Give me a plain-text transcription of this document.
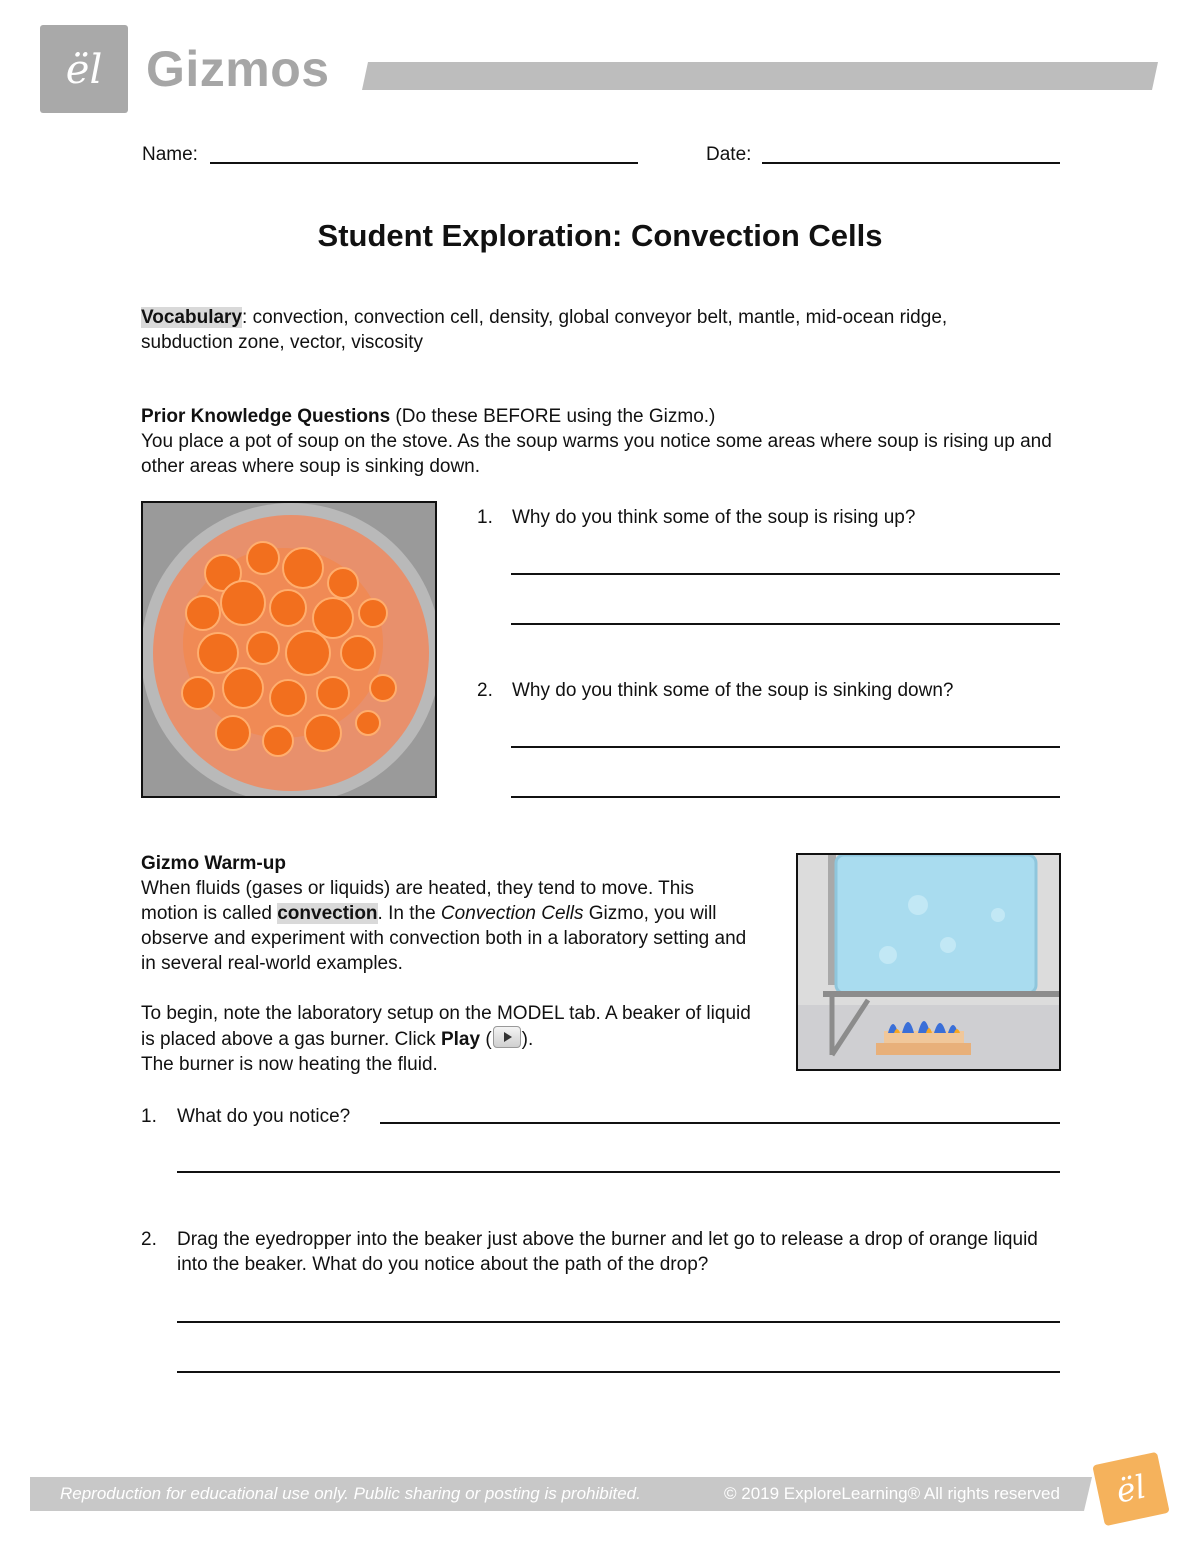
ël Gizmos
Name:	Date:
Student Exploration: Convection Cells
Vocabulary: convection, convection cell, density, global conveyor belt, mantle, mid-ocean ridge, subduction zone, vector, viscosity
Prior Knowledge Questions (Do these BEFORE using the Gizmo.)
You place a pot of soup on the stove. As the soup warms you notice some areas where soup is rising up and other areas where soup is sinking down.
1. Why do you think some of the soup is rising up?
2. Why do you think some of the soup is sinking down?
Gizmo Warm-up
When fluids (gases or liquids) are heated, they tend to move. This motion is called convection. In the Convection Cells Gizmo, you will observe and experiment with convection both in a laboratory setting and in several real-world examples.
To begin, note the laboratory setup on the MODEL tab. A beaker of liquid is placed above a gas burner. Click Play ( ).
The burner is now heating the fluid.
1. What do you notice?
2. Drag the eyedropper into the beaker just above the burner and let go to release a drop of orange liquid into the beaker. What do you notice about the path of the drop?
Reproduction for educational use only. Public sharing or posting is prohibited.	© 2019 ExploreLearning® All rights reserved	ël
